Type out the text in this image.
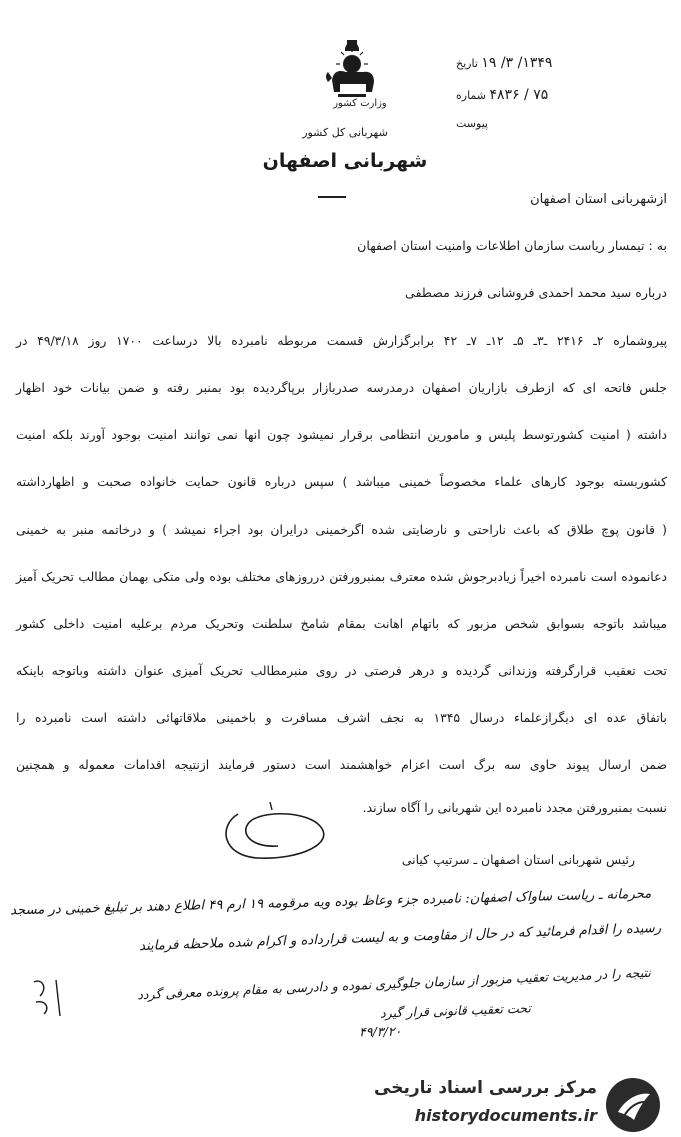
وزارت کشور
شهربانی کل کشور
شهربانی اصفهان
تاریخ ۱۳۴۹/ ۳/ ۱۹
شماره ۷۵ / ۴۸۳۶
پیوست
ازشهربانی استان اصفهان
به : تیمسار ریاست سازمان اطلاعات وامنیت استان اصفهان
درباره سید محمد احمدی فروشانی فرزند مصطفی
پیروشماره ۲ـ ۲۴۱۶ ـ۳ـ ۵ـ ۱۲ـ ۷ـ ۴۲ برابرگزارش قسمت مربوطه نامبرده بالا درساعت ۱۷۰۰ روز ۴۹/۳/۱۸ در
جلس فاتحه ای که ازطرف بازاریان اصفهان درمدرسه صدربازار برپاگردیده بود بمنبر رفته و ضمن بیانات خود اظهار
داشته ( امنیت کشورتوسط پلیس و مامورین انتظامی برقرار نمیشود چون انها نمی توانند امنیت بوجود آورند بلکه امنیت
کشوربسته بوجود کارهای علماء مخصوصاً خمینی میباشد ) سپس درباره قانون حمایت خانواده صحبت و اظهارداشته
( قانون پوچ طلاق که باعث ناراحتی و نارضایتی شده اگرخمینی درایران بود اجراء نمیشد ) و درخاتمه منبر به خمینی
دعانموده است نامبرده اخیراً زیادبرجوش شده معترف بمنبرورفتن درروزهای مختلف بوده ولی متکی بهمان مطالب تحریک آمیز
میباشد باتوجه بسوابق شخص مزبور که باتهام اهانت بمقام شامخ سلطنت وتحریک مردم برعلیه امنیت داخلی کشور
تحت تعقیب قرارگرفته وزندانی گردیده و درهر فرصتی در روی منبرمطالب تحریک آمیزی عنوان داشته وباتوجه باینکه
باتفاق عده ای دیگرازعلماء درسال ۱۳۴۵ به نجف اشرف مسافرت و باخمینی ملاقاتهائی داشته است نامبرده را
ضمن ارسال پیوند حاوی سه برگ است اعزام خواهشمند است دستور فرمایند ازنتیجه اقدامات معموله و همچنین
نسبت بمنبرورفتن مجدد نامبرده این شهربانی را آگاه سازند.
رئیس شهربانی استان اصفهان ـ سرتیپ کیانی
محرمانه ـ ریاست ساواک اصفهان: نامبرده جزء وعاظ بوده ویه مرقومه ۱۹ ارم ۴۹ اطلاع دهند بر تبلیغ خمینی در مسجد
رسیده را اقدام فرمائید که در حال از مقاومت و به لیست قرارداده و اکرام شده ملاحظه فرمایند
نتیجه را در مدیریت تعقیب مزبور از سازمان جلوگیری نموده و دادرسی به مقام پرونده معرفی گردد
تحت تعقیب قانونی قرار گیرد
۴۹/۳/۲۰
مرکز بررسی اسناد تاریخی
historydocuments.ir
